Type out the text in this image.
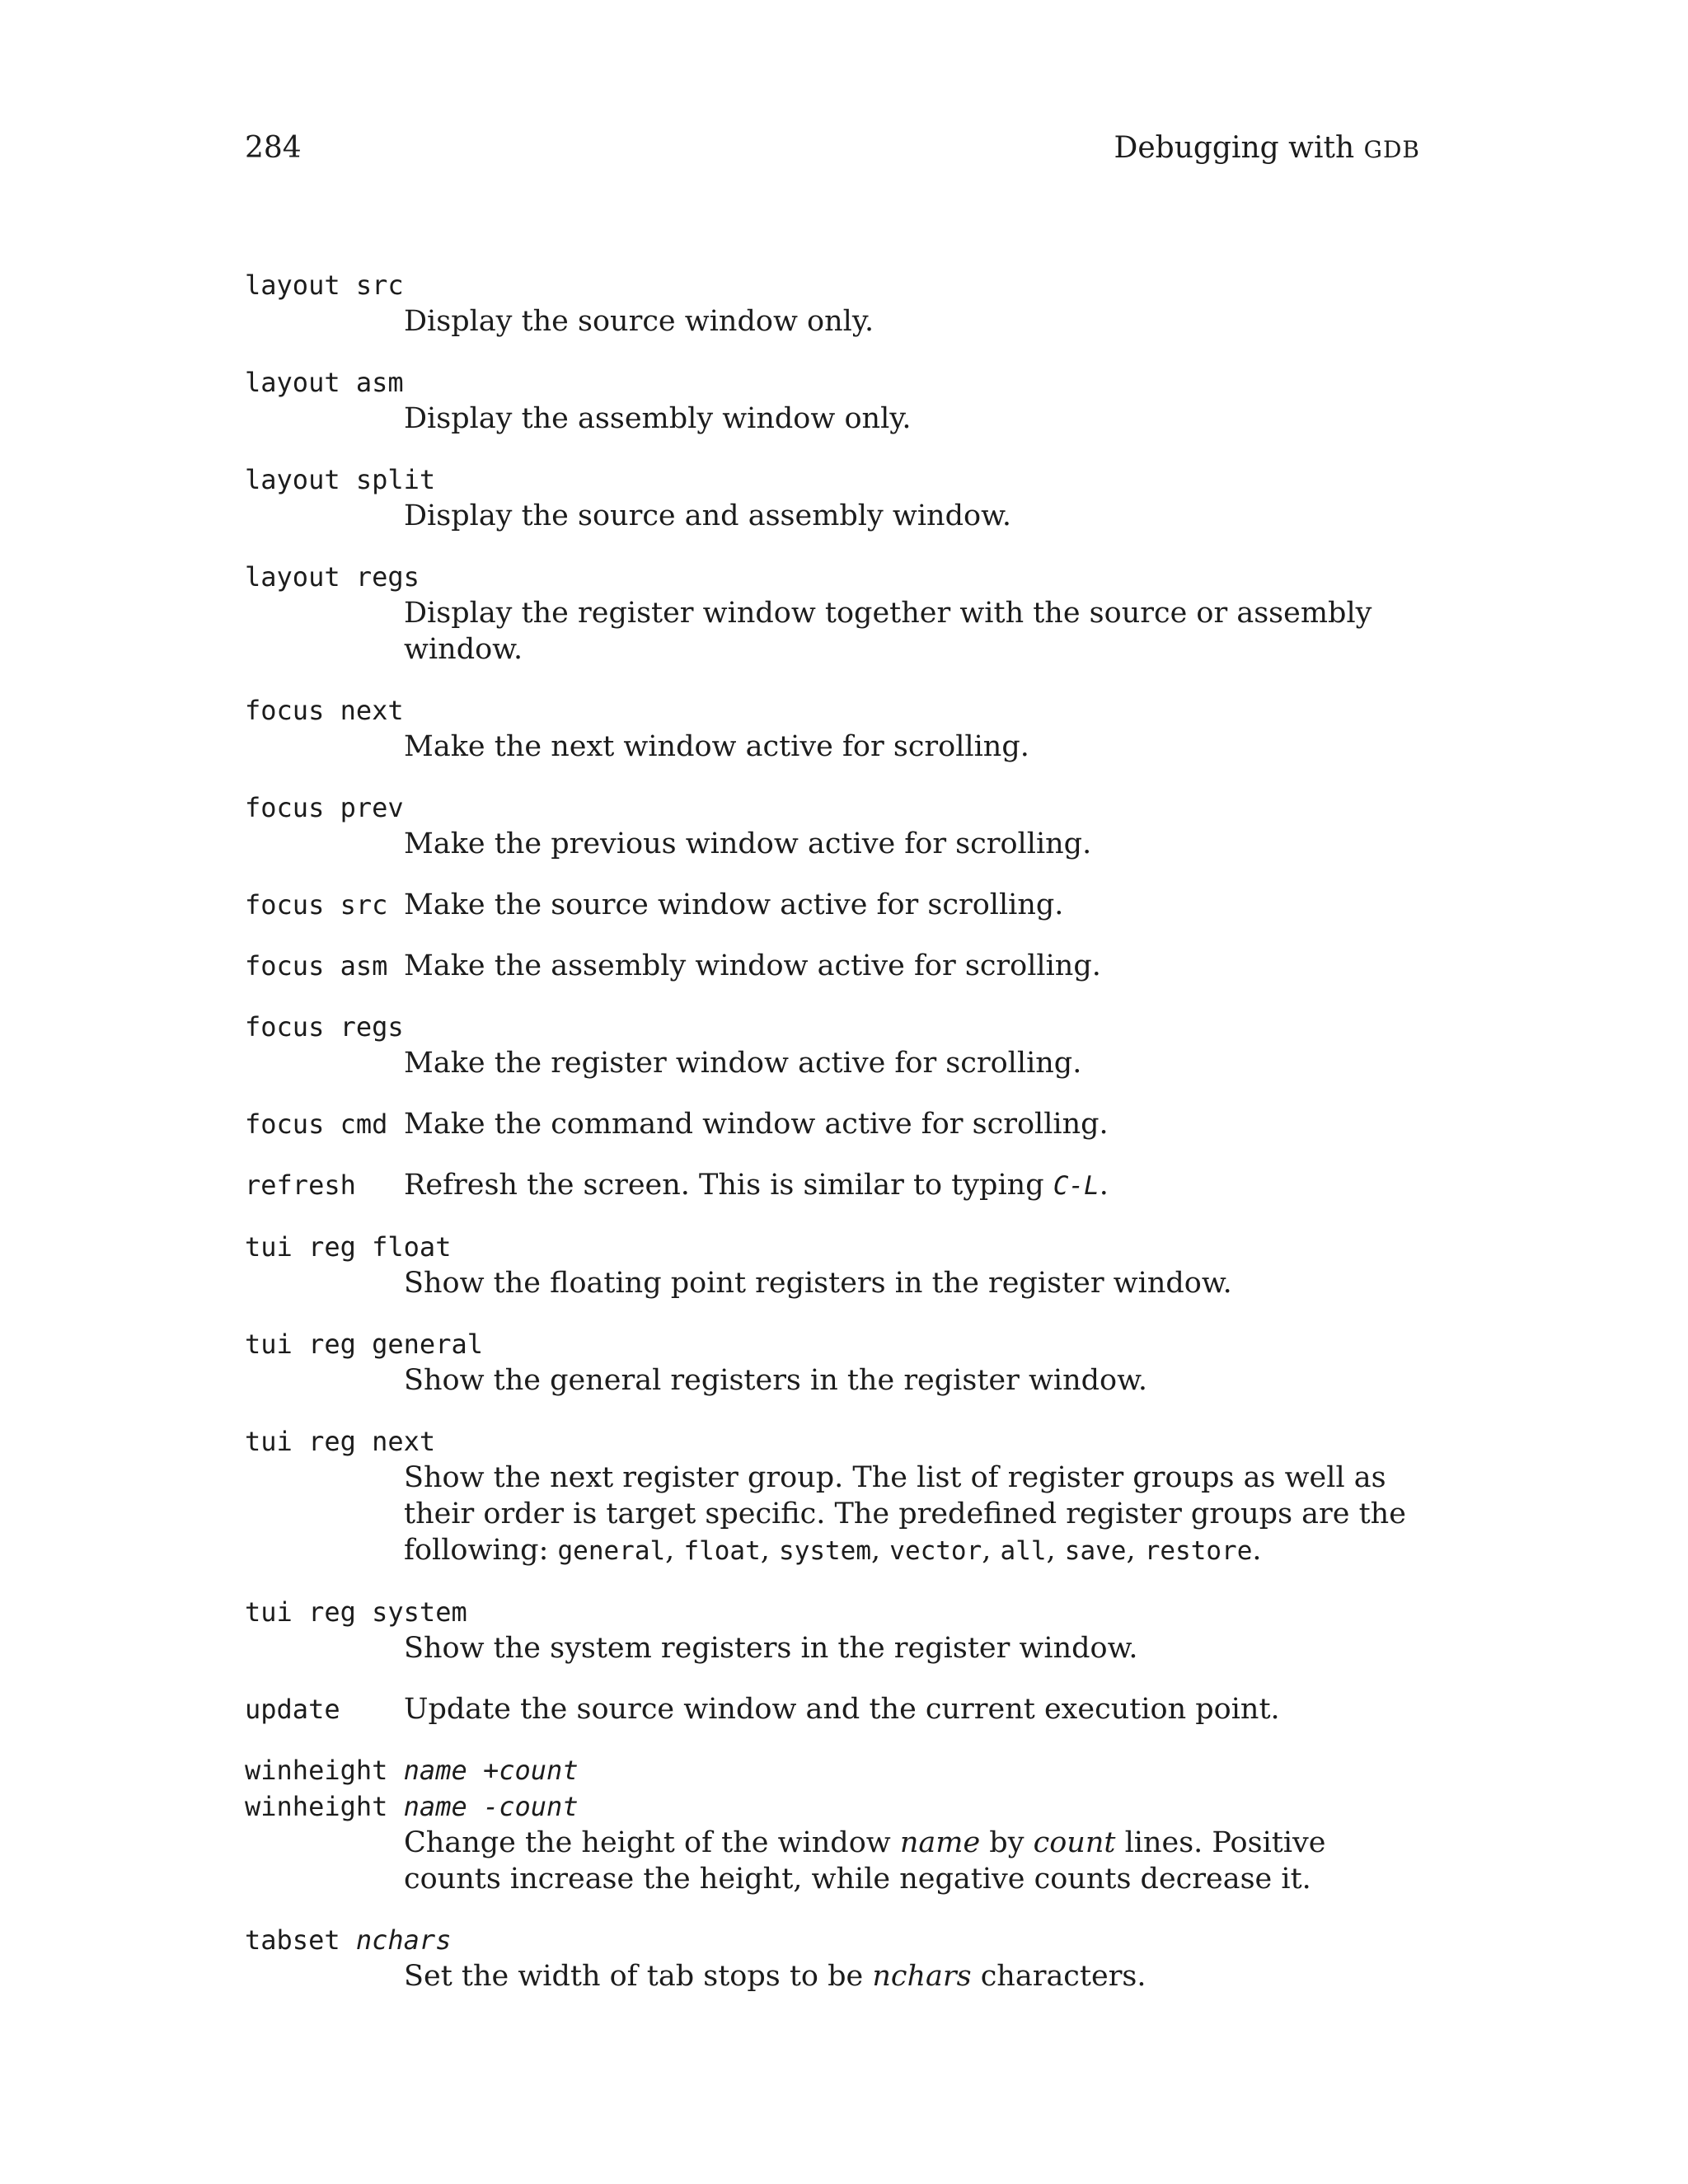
284	Debugging with GDB
layout src
Display the source window only.
layout asm
Display the assembly window only.
layout split
Display the source and assembly window.
layout regs
Display the register window together with the source or assembly window.
focus next
Make the next window active for scrolling.
focus prev
Make the previous window active for scrolling.
focus src Make the source window active for scrolling.
focus asm Make the assembly window active for scrolling.
focus regs
Make the register window active for scrolling.
focus cmd Make the command window active for scrolling.
refresh	Refresh the screen. This is similar to typing C-L.
tui reg float
Show the floating point registers in the register window.
tui reg general
Show the general registers in the register window.
tui reg next
Show the next register group. The list of register groups as well as their order is target specific. The predefined register groups are the following: general, float, system, vector, all, save, restore.
tui reg system
Show the system registers in the register window.
update	Update the source window and the current execution point.
winheight name +count
winheight name -count
Change the height of the window name by count lines. Positive counts increase the height, while negative counts decrease it.
tabset nchars
Set the width of tab stops to be nchars characters.
